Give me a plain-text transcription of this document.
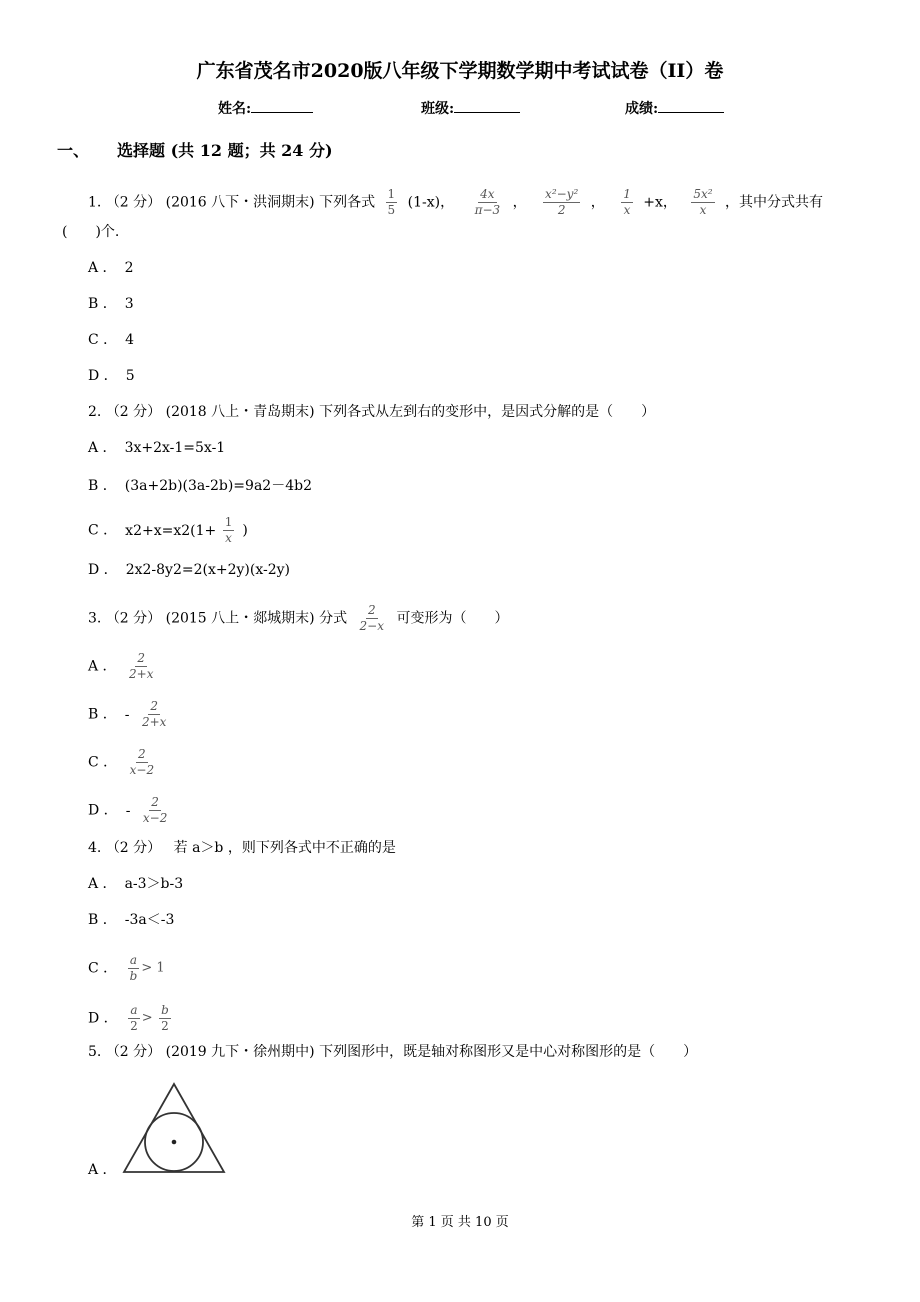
广东省茂名市2020版八年级下学期数学期中考试试卷（II）卷
姓名:	班级:	成绩:
一、 选择题 (共 12 题；共 24 分)
1. （2 分） (2016 八下・洪洞期末) 下列各式 $\frac{1}{5} (1-x)$， $\frac{4x}{\pi-3}$ ， $\frac{\text{x²−y²}}{2}$ ， $\frac{1}{x} +x$， $\frac{\text{5x²}}{x}$ ，其中分式共有
(　　)个.
A ． 2
B ． 3
C ． 4
D ． 5
2. （2 分） (2018 八上・青岛期末) 下列各式从左到右的变形中，是因式分解的是（　　）
A ． 3x+2x-1=5x-1
B ． (3a+2b)(3a-2b)=9a2－4b2
C ． $x2+x=x2(1+ \frac{1}{x}$ )
D ． 2x2-8y2=2(x+2y)(x-2y)
3. （2 分） (2015 八上・郯城期末) 分式 $\frac{2}{2-x}$ 可变形为（　　）
A ． $\frac{2}{2+x}$
B ． - $\frac{2}{2+x}$
C ． $\frac{2}{x-2}$
D ． - $\frac{2}{x-2}$
4. （2 分） 若 a＞b ，则下列各式中不正确的是
A ． a-3＞b-3
B ． -3a＜-3
C ． $\frac{a}{b} > 1$
D ． $\frac{a}{2} > \frac{b}{2}$
5. （2 分） (2019 九下・徐州期中) 下列图形中，既是轴对称图形又是中心对称图形的是（　　）
A ．
第 1 页 共 10 页
